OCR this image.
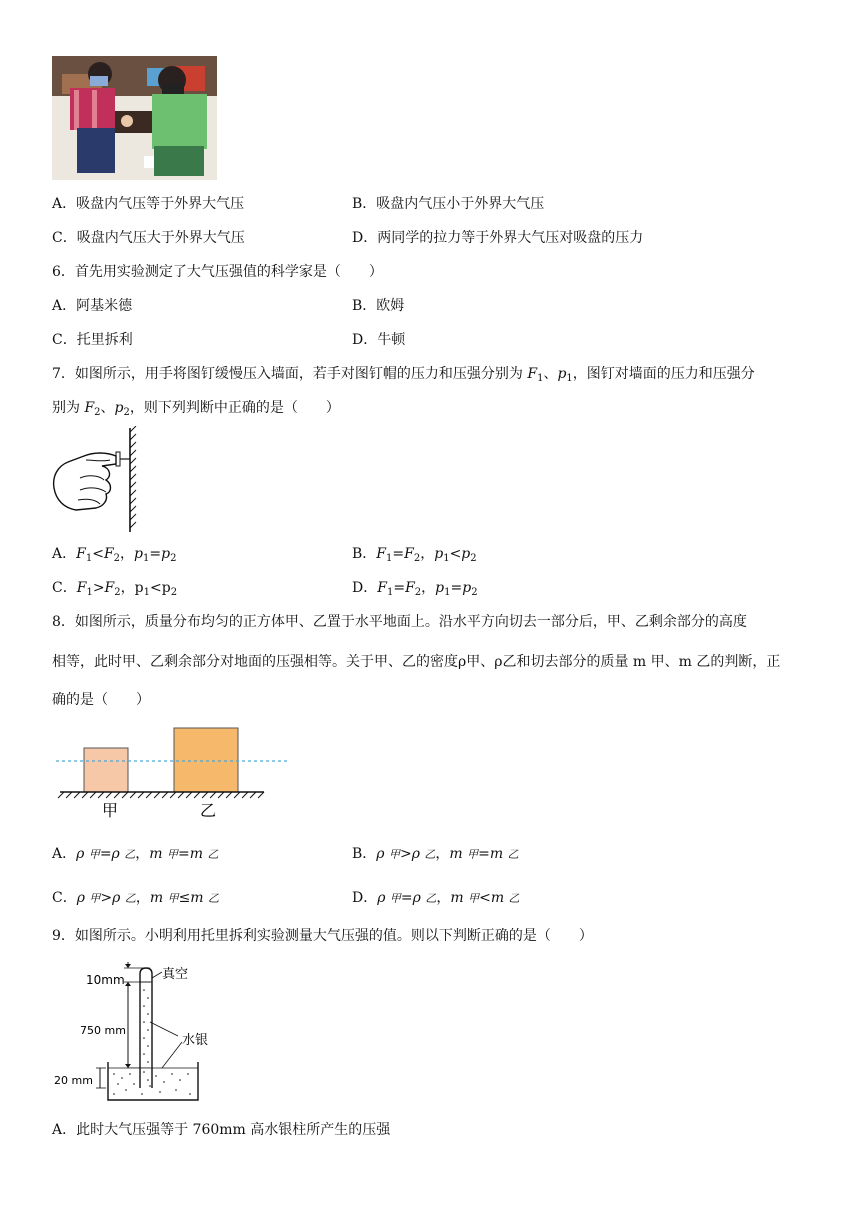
A．吸盘内气压等于外界大气压	B．吸盘内气压小于外界大气压
C．吸盘内气压大于外界大气压	D．两同学的拉力等于外界大气压对吸盘的压力
6．首先用实验测定了大气压强值的科学家是（　　）
A．阿基米德	B．欧姆
C．托里拆利	D．牛顿
7．如图所示，用手将图钉缓慢压入墙面，若手对图钉帽的压力和压强分别为 $F_1$、$p_1$，图钉对墙面的压力和压强分
别为 $F_2$、$p_2$，则下列判断中正确的是（　　）
A．$F_1<F_2$，$p_1=p_2$	B．$F_1=F_2$，$p_1<p_2$
C．$F_1>F_2$，$p_1<p_2$	D．$F_1=F_2$，$p_1=p_2$
8．如图所示，质量分布均匀的正方体甲、乙置于水平地面上。沿水平方向切去一部分后，甲、乙剩余部分的高度
相等，此时甲、乙剩余部分对地面的压强相等。关于甲、乙的密度ρ甲、ρ乙和切去部分的质量 m 甲、m 乙的判断，正
确的是（　　）
甲	乙
A．ρ 甲=ρ 乙，m 甲=m 乙	B．ρ 甲>ρ 乙，m 甲=m 乙
C．ρ 甲>ρ 乙，m 甲≤m 乙	D．ρ 甲=ρ 乙，m 甲<m 乙
9．如图所示。小明利用托里拆利实验测量大气压强的值。则以下判断正确的是（　　）
10mm
750 mm
20 mm
真空
水银
A．此时大气压强等于 760mm 高水银柱所产生的压强
